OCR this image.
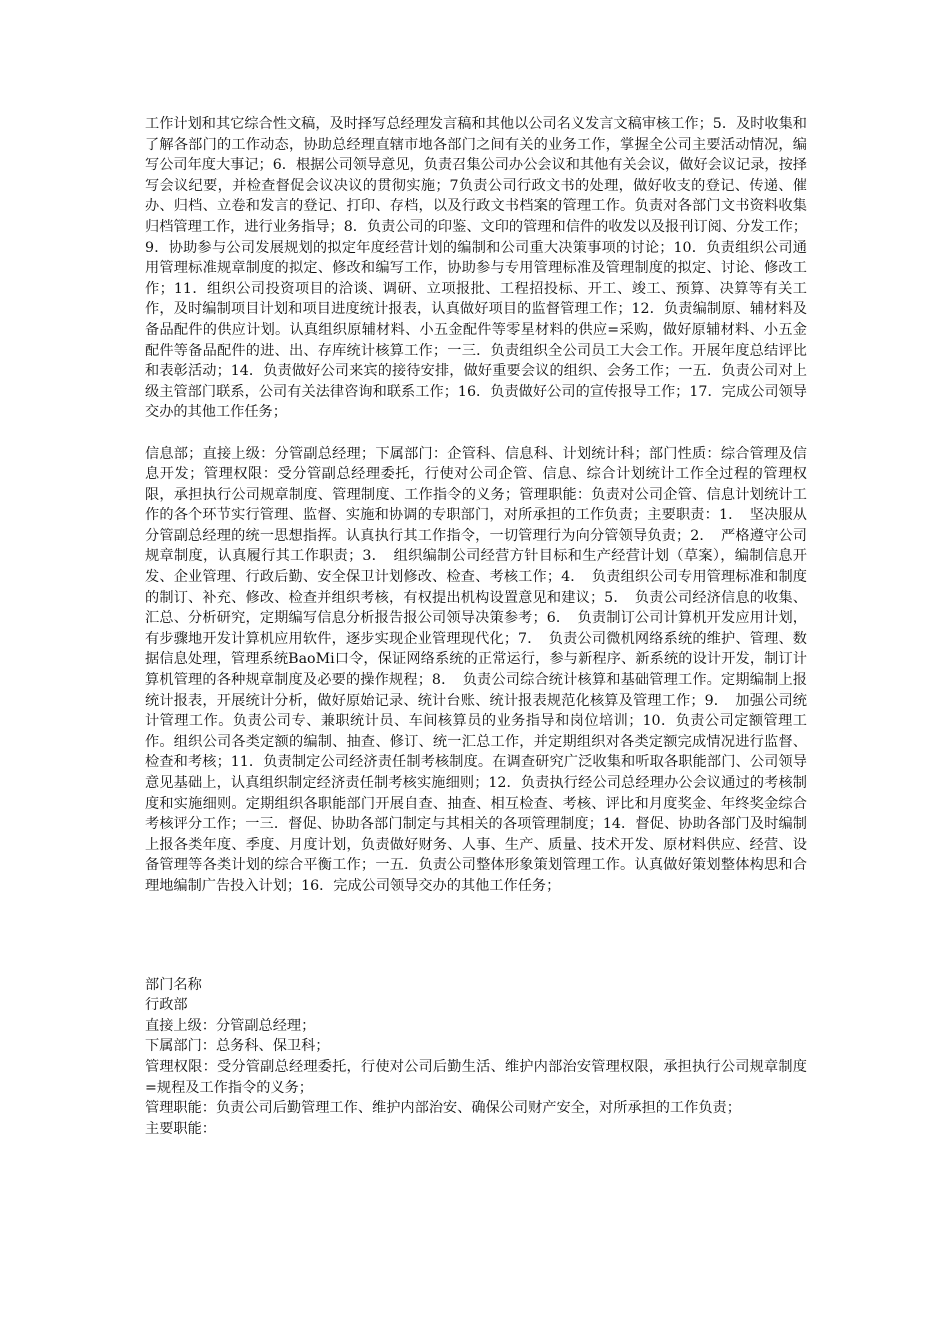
工作计划和其它综合性文稿，及时择写总经理发言稿和其他以公司名义发言文稿审核工作；5．及时收集和了解各部门的工作动态，协助总经理直辖市地各部门之间有关的业务工作，掌握全公司主要活动情况，编写公司年度大事记；6．根据公司领导意见，负责召集公司办公会议和其他有关会议，做好会议记录，按择写会议纪要，并检查督促会议决议的贯彻实施；7负责公司行政文书的处理，做好收支的登记、传递、催办、归档、立卷和发言的登记、打印、存档，以及行政文书档案的管理工作。负责对各部门文书资料收集归档管理工作，进行业务指导；8．负责公司的印鉴、文印的管理和信件的收发以及报刊订阅、分发工作；9．协助参与公司发展规划的拟定年度经营计划的编制和公司重大决策事项的讨论；10．负责组织公司通用管理标准规章制度的拟定、修改和编写工作，协助参与专用管理标准及管理制度的拟定、讨论、修改工作；11．组织公司投资项目的洽谈、调研、立项报批、工程招投标、开工、竣工、预算、决算等有关工作，及时编制项目计划和项目进度统计报表，认真做好项目的监督管理工作；12．负责编制原、辅材料及备品配件的供应计划。认真组织原辅材料、小五金配件等零星材料的供应=采购，做好原辅材料、小五金配件等备品配件的进、出、存库统计核算工作；一三．负责组织全公司员工大会工作。开展年度总结评比和表彰活动；14．负责做好公司来宾的接待安排，做好重要会议的组织、会务工作；一五．负责公司对上级主管部门联系，公司有关法律咨询和联系工作；16．负责做好公司的宣传报导工作；17．完成公司领导交办的其他工作任务；

信息部；直接上级：分管副总经理；下属部门：企管科、信息科、计划统计科；部门性质：综合管理及信息开发；管理权限：受分管副总经理委托，行使对公司企管、信息、综合计划统计工作全过程的管理权限，承担执行公司规章制度、管理制度、工作指令的义务；管理职能：负责对公司企管、信息计划统计工作的各个环节实行管理、监督、实施和协调的专职部门，对所承担的工作负责；主要职责：1．　坚决服从分管副总经理的统一思想指挥。认真执行其工作指令，一切管理行为向分管领导负责；2．　严格遵守公司规章制度，认真履行其工作职责；3．　组织编制公司经营方针目标和生产经营计划（草案），编制信息开发、企业管理、行政后勤、安全保卫计划修改、检查、考核工作；4．　负责组织公司专用管理标准和制度的制订、补充、修改、检查并组织考核，有权提出机构设置意见和建议；5．　负责公司经济信息的收集、汇总、分析研究，定期编写信息分析报告报公司领导决策参考；6．　负责制订公司计算机开发应用计划，有步骤地开发计算机应用软件，逐步实现企业管理现代化；7．　负责公司微机网络系统的维护、管理、数据信息处理，管理系统BaoMi口令，保证网络系统的正常运行，参与新程序、新系统的设计开发，制订计算机管理的各种规章制度及必要的操作规程；8．　负责公司综合统计核算和基础管理工作。定期编制上报统计报表，开展统计分析，做好原始记录、统计台账、统计报表规范化核算及管理工作；9．　加强公司统计管理工作。负责公司专、兼职统计员、车间核算员的业务指导和岗位培训；10．负责公司定额管理工作。组织公司各类定额的编制、抽查、修订、统一汇总工作，并定期组织对各类定额完成情况进行监督、检查和考核；11．负责制定公司经济责任制考核制度。在调查研究广泛收集和听取各职能部门、公司领导意见基础上，认真组织制定经济责任制考核实施细则；12．负责执行经公司总经理办公会议通过的考核制度和实施细则。定期组织各职能部门开展自查、抽查、相互检查、考核、评比和月度奖金、年终奖金综合考核评分工作；一三．督促、协助各部门制定与其相关的各项管理制度；14．督促、协助各部门及时编制上报各类年度、季度、月度计划，负责做好财务、人事、生产、质量、技术开发、原材料供应、经营、设备管理等各类计划的综合平衡工作；一五．负责公司整体形象策划管理工作。认真做好策划整体构思和合理地编制广告投入计划；16．完成公司领导交办的其他工作任务；

部门名称

行政部

直接上级：分管副总经理；

下属部门：总务科、保卫科；

管理权限：受分管副总经理委托，行使对公司后勤生活、维护内部治安管理权限，承担执行公司规章制度=规程及工作指令的义务；

管理职能：负责公司后勤管理工作、维护内部治安、确保公司财产安全，对所承担的工作负责；

主要职能：
